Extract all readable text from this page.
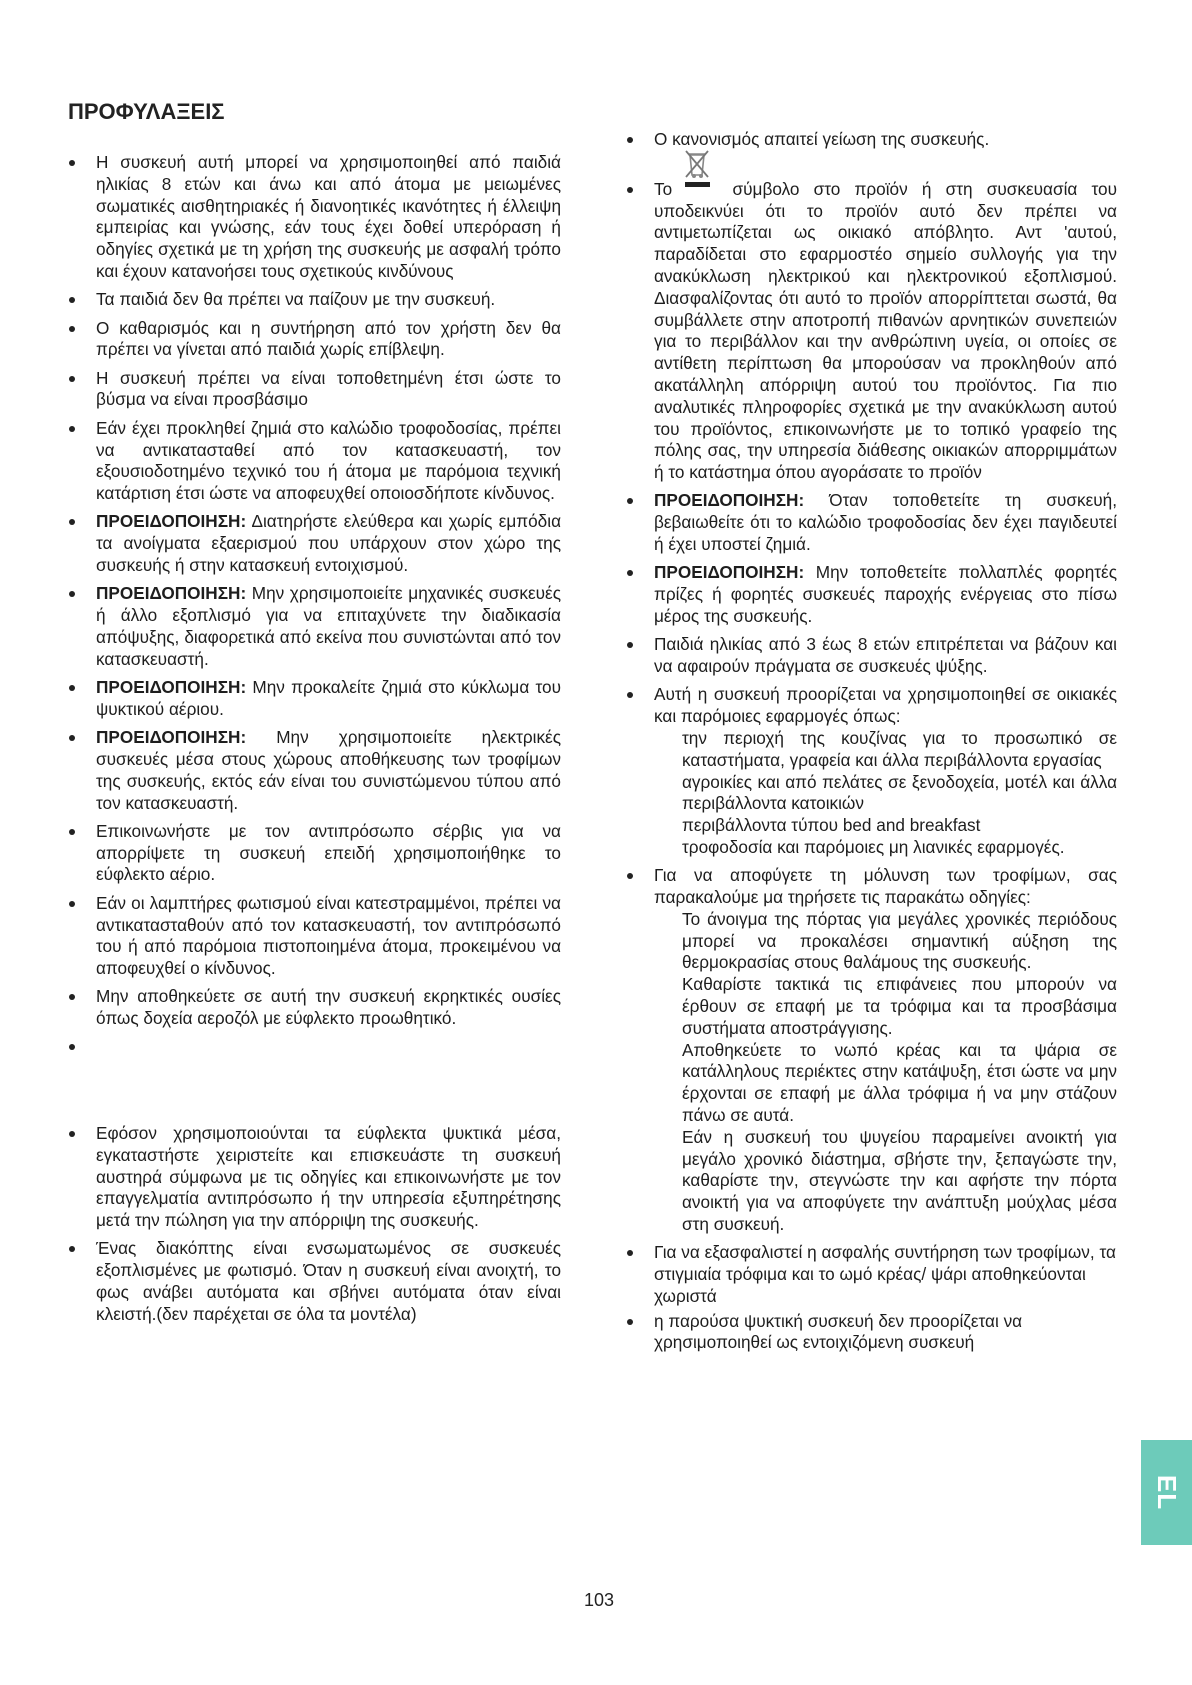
ΠΡΟΦΥΛΑΞΕΙΣ
Η συσκευή αυτή μπορεί να χρησιμοποιηθεί από παιδιά ηλικίας 8 ετών και άνω και από άτομα με μειωμένες σωματικές αισθητηριακές ή διανοητικές ικανότητες ή έλλειψη εμπειρίας και γνώσης, εάν τους έχει δοθεί υπερόραση ή οδηγίες σχετικά με τη χρήση της συσκευής με ασφαλή τρόπο και έχουν κατανοήσει τους σχετικούς κινδύνους
Τα παιδιά δεν θα πρέπει να παίζουν με την συσκευή.
Ο καθαρισμός και η συντήρηση από τον χρήστη δεν θα πρέπει να γίνεται από παιδιά χωρίς επίβλεψη.
Η συσκευή πρέπει να είναι τοποθετημένη έτσι ώστε το βύσμα να είναι προσβάσιμο
Εάν έχει προκληθεί ζημιά στο καλώδιο τροφοδοσίας, πρέπει να αντικατασταθεί από τον κατασκευαστή, τον εξουσιοδοτημένο τεχνικό του ή άτομα με παρόμοια τεχνική κατάρτιση έτσι ώστε να αποφευχθεί οποιοσδήποτε κίνδυνος.
ΠΡΟΕΙΔΟΠΟΙΗΣΗ: Διατηρήστε ελεύθερα και χωρίς εμπόδια τα ανοίγματα εξαερισμού που υπάρχουν στον χώρο της συσκευής ή στην κατασκευή εντοιχισμού.
ΠΡΟΕΙΔΟΠΟΙΗΣΗ: Μην χρησιμοποιείτε μηχανικές συσκευές ή άλλο εξοπλισμό για να επιταχύνετε την διαδικασία απόψυξης, διαφορετικά από εκείνα που συνιστώνται από τον κατασκευαστή.
ΠΡΟΕΙΔΟΠΟΙΗΣΗ: Μην προκαλείτε ζημιά στο κύκλωμα του ψυκτικού αέριου.
ΠΡΟΕΙΔΟΠΟΙΗΣΗ: Μην χρησιμοποιείτε ηλεκτρικές συσκευές μέσα στους χώρους αποθήκευσης των τροφίμων της συσκευής, εκτός εάν είναι του συνιστώμενου τύπου από τον κατασκευαστή.
Επικοινωνήστε με τον αντιπρόσωπο σέρβις για να απορρίψετε τη συσκευή επειδή χρησιμοποιήθηκε το εύφλεκτο αέριο.
Εάν οι λαμπτήρες φωτισμού είναι κατεστραμμένοι, πρέπει να αντικατασταθούν από τον κατασκευαστή, τον αντιπρόσωπό του ή από παρόμοια πιστοποιημένα άτομα, προκειμένου να αποφευχθεί ο κίνδυνος.
Μην αποθηκεύετε σε αυτή την συσκευή εκρηκτικές ουσίες όπως δοχεία αεροζόλ με εύφλεκτο προωθητικό.
Εφόσον χρησιμοποιούνται τα εύφλεκτα ψυκτικά μέσα, εγκαταστήστε χειριστείτε και επισκευάστε τη συσκευή αυστηρά σύμφωνα με τις οδηγίες και επικοινωνήστε με τον επαγγελματία αντιπρόσωπο ή την υπηρεσία εξυπηρέτησης μετά την πώληση για την απόρριψη της συσκευής.
Ένας διακόπτης είναι ενσωματωμένος σε συσκευές εξοπλισμένες με φωτισμό. Όταν η συσκευή είναι ανοιχτή, το φως ανάβει αυτόματα και σβήνει αυτόματα όταν είναι κλειστή.(δεν παρέχεται σε όλα τα μοντέλα)
Ο κανονισμός απαιτεί γείωση της συσκευής.
Το	σύμβολο στο προϊόν ή στη συσκευασία του υποδεικνύει ότι το προϊόν αυτό δεν πρέπει να αντιμετωπίζεται ως οικιακό απόβλητο. Αντ 'αυτού, παραδίδεται στο εφαρμοστέο σημείο συλλογής για την ανακύκλωση ηλεκτρικού και ηλεκτρονικού εξοπλισμού. Διασφαλίζοντας ότι αυτό το προϊόν απορρίπτεται σωστά, θα συμβάλλετε στην αποτροπή πιθανών αρνητικών συνεπειών για το περιβάλλον και την ανθρώπινη υγεία, οι οποίες σε αντίθετη περίπτωση θα μπορούσαν να προκληθούν από ακατάλληλη απόρριψη αυτού του προϊόντος. Για πιο αναλυτικές πληροφορίες σχετικά με την ανακύκλωση αυτού του προϊόντος, επικοινωνήστε με το τοπικό γραφείο της πόλης σας, την υπηρεσία διάθεσης οικιακών απορριμμάτων ή το κατάστημα όπου αγοράσατε το προϊόν
ΠΡΟΕΙΔΟΠΟΙΗΣΗ: Όταν τοποθετείτε τη συσκευή, βεβαιωθείτε ότι το καλώδιο τροφοδοσίας δεν έχει παγιδευτεί ή έχει υποστεί ζημιά.
ΠΡΟΕΙΔΟΠΟΙΗΣΗ: Μην τοποθετείτε πολλαπλές φορητές πρίζες ή φορητές συσκευές παροχής ενέργειας στο πίσω μέρος της συσκευής.
Παιδιά ηλικίας από 3 έως 8 ετών επιτρέπεται να βάζουν και να αφαιρούν πράγματα σε συσκευές ψύξης.
Αυτή η συσκευή προορίζεται να χρησιμοποιηθεί σε οικιακές και παρόμοιες εφαρμογές όπως:
την περιοχή της κουζίνας για το προσωπικό σε καταστήματα, γραφεία και άλλα περιβάλλοντα εργασίας
αγροικίες και από πελάτες σε ξενοδοχεία, μοτέλ και άλλα περιβάλλοντα κατοικιών
περιβάλλοντα τύπου bed and breakfast
τροφοδοσία και παρόμοιες μη λιανικές εφαρμογές.
Για να αποφύγετε τη μόλυνση των τροφίμων, σας παρακαλούμε μα τηρήσετε τις παρακάτω οδηγίες:
Το άνοιγμα της πόρτας για μεγάλες χρονικές περιόδους μπορεί να προκαλέσει σημαντική αύξηση της θερμοκρασίας στους θαλάμους της συσκευής.
Καθαρίστε τακτικά τις επιφάνειες που μπορούν να έρθουν σε επαφή με τα τρόφιμα και τα προσβάσιμα συστήματα αποστράγγισης.
Αποθηκεύετε το νωπό κρέας και τα ψάρια σε κατάλληλους περιέκτες στην κατάψυξη, έτσι ώστε να μην έρχονται σε επαφή με άλλα τρόφιμα ή να μην στάζουν πάνω σε αυτά.
Εάν η συσκευή του ψυγείου παραμείνει ανοικτή για μεγάλο χρονικό διάστημα, σβήστε την, ξεπαγώστε την, καθαρίστε την, στεγνώστε την και αφήστε την πόρτα ανοικτή για να αποφύγετε την ανάπτυξη μούχλας μέσα στη συσκευή.
Για να εξασφαλιστεί η ασφαλής συντήρηση των τροφίμων, τα στιγμιαία τρόφιμα και το ωμό κρέας/ ψάρι αποθηκεύονται χωριστά
η παρούσα ψυκτική συσκευή δεν προορίζεται να χρησιμοποιηθεί ως εντοιχιζόμενη συσκευή
103
EL
